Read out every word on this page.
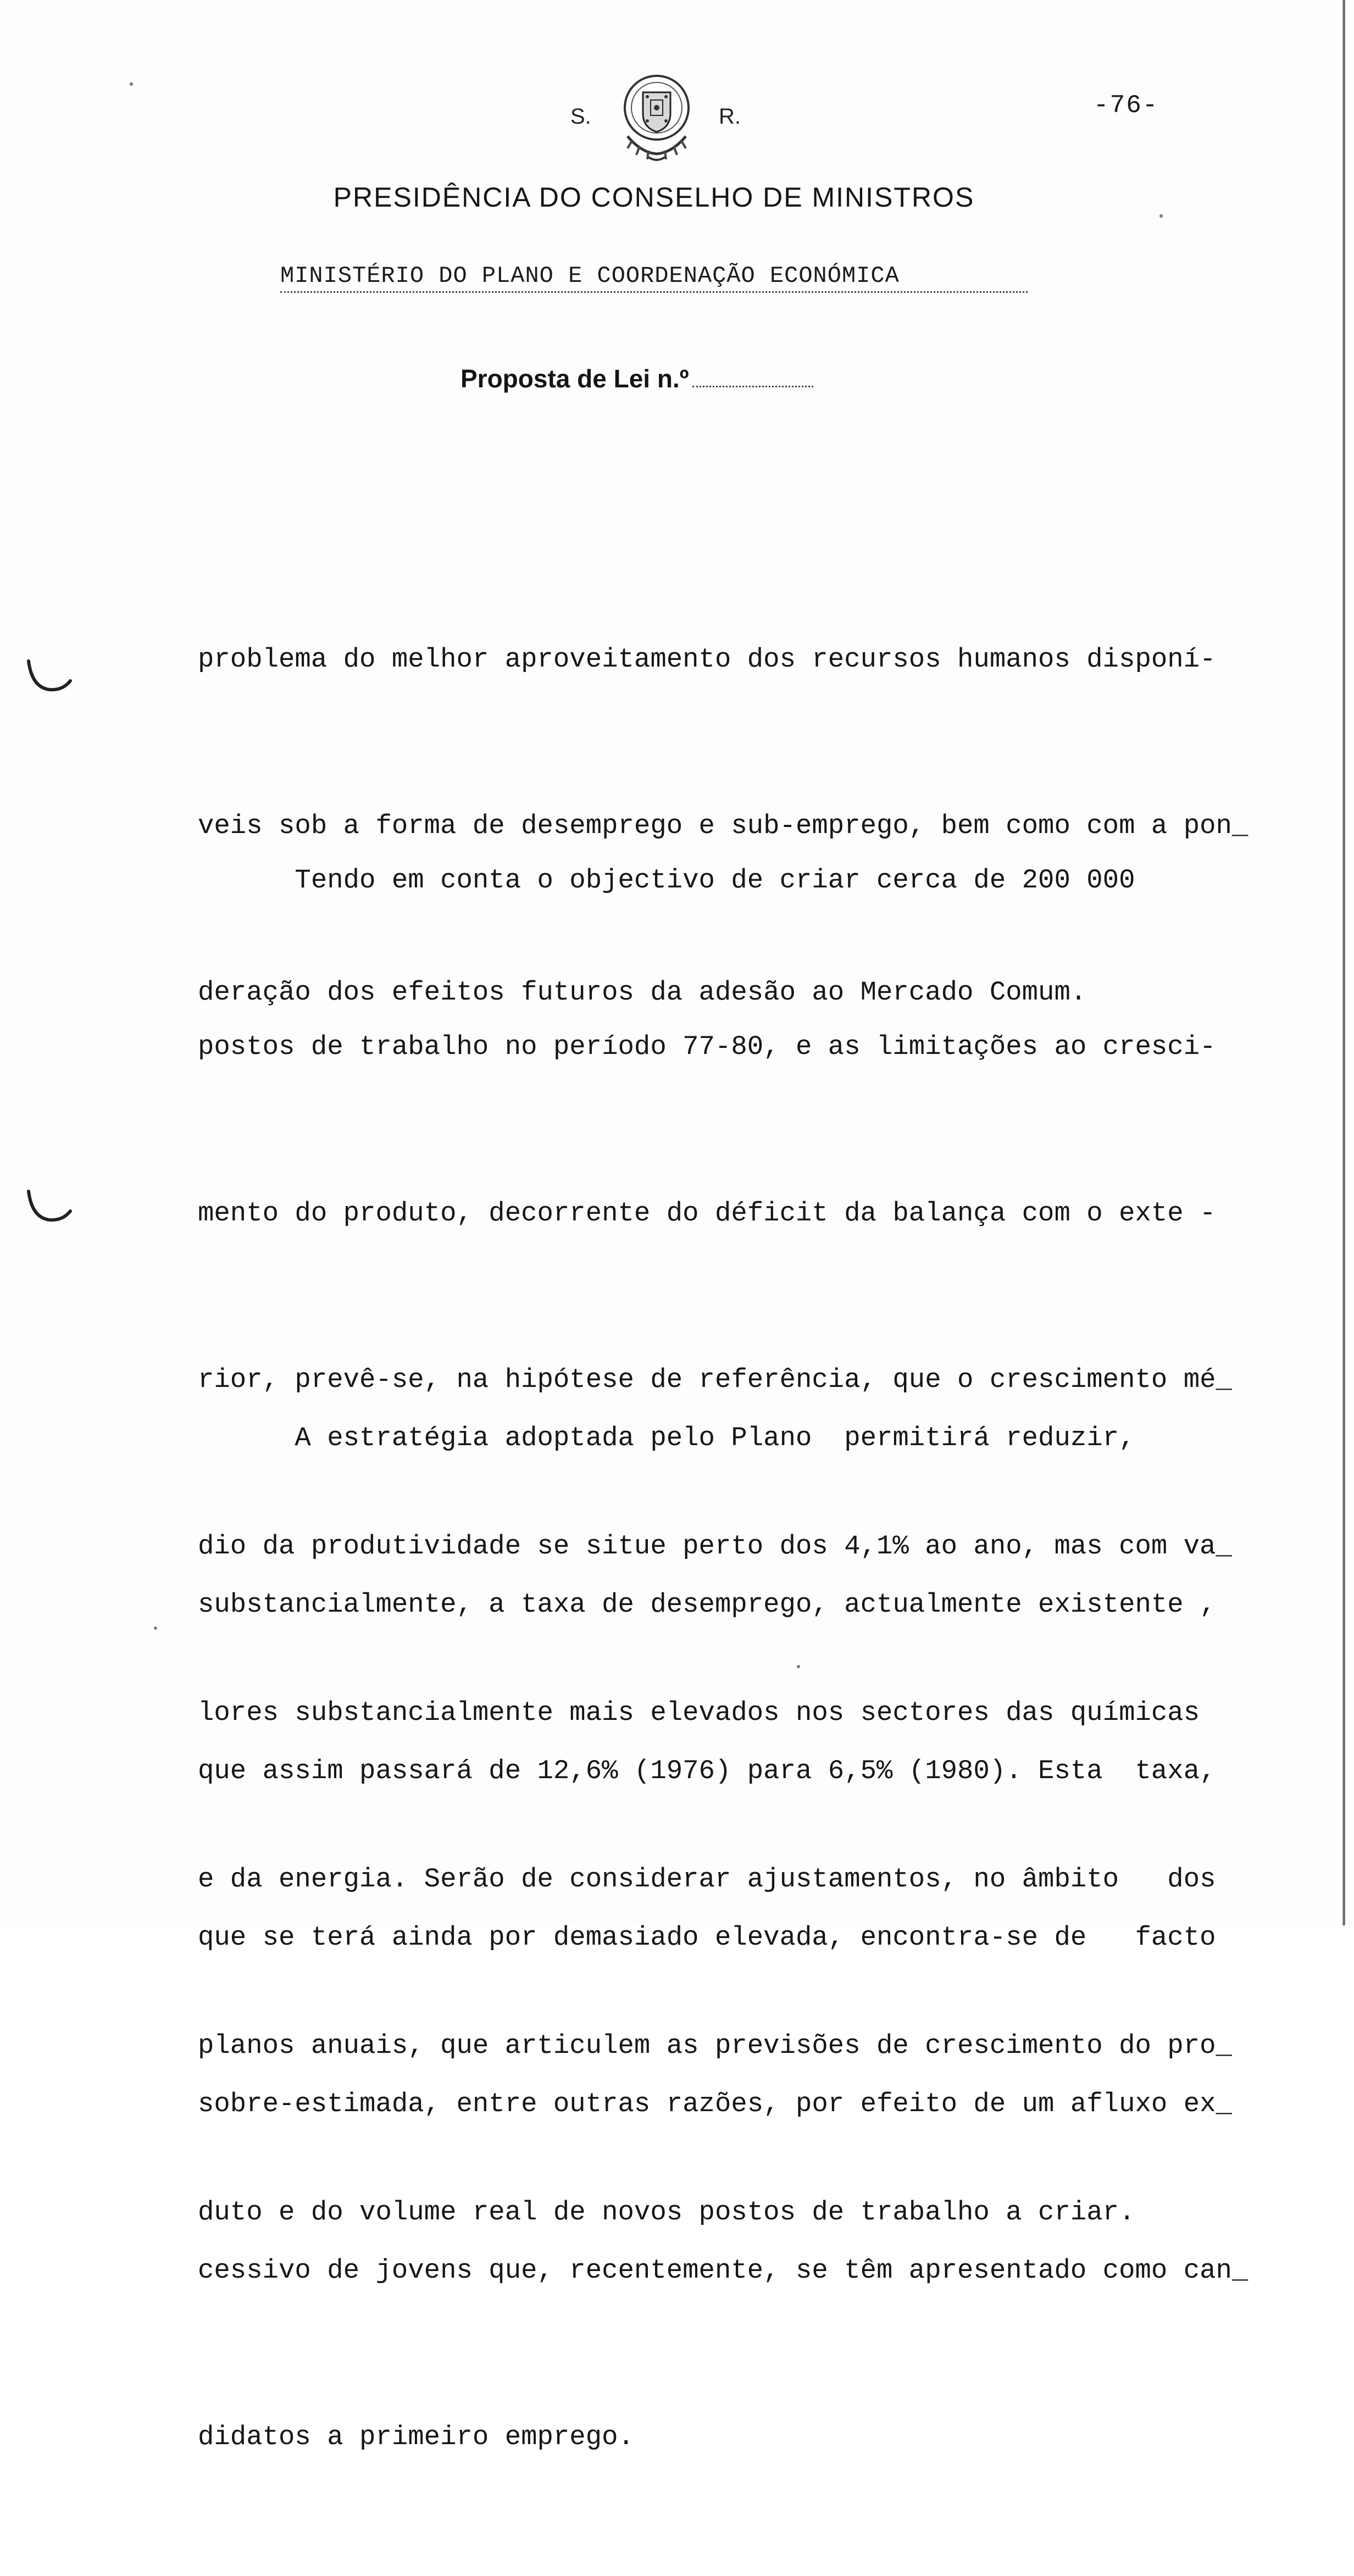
S.	R.	-76-
PRESIDÊNCIA DO CONSELHO DE MINISTROS
MINISTÉRIO DO PLANO E COORDENAÇÃO ECONÓMICA
Proposta de Lei n.º

problema do melhor aproveitamento dos recursos humanos disponí-

veis sob a forma de desemprego e sub-emprego, bem como com a pon_

deração dos efeitos futuros da adesão ao Mercado Comum.

Tendo em conta o objectivo de criar cerca de 200 000

postos de trabalho no período 77-80, e as limitações ao cresci-

mento do produto, decorrente do déficit da balança com o exte -

rior, prevê-se, na hipótese de referência, que o crescimento mé_

dio da produtividade se situe perto dos 4,1% ao ano, mas com va_

lores substancialmente mais elevados nos sectores das químicas

e da energia. Serão de considerar ajustamentos, no âmbito   dos

planos anuais, que articulem as previsões de crescimento do pro_

duto e do volume real de novos postos de trabalho a criar.

A estratégia adoptada pelo Plano  permitirá reduzir,

substancialmente, a taxa de desemprego, actualmente existente ,

que assim passará de 12,6% (1976) para 6,5% (1980). Esta  taxa,

que se terá ainda por demasiado elevada, encontra-se de   facto

sobre-estimada, entre outras razões, por efeito de um afluxo ex_

cessivo de jovens que, recentemente, se têm apresentado como can_

didatos a primeiro emprego.
